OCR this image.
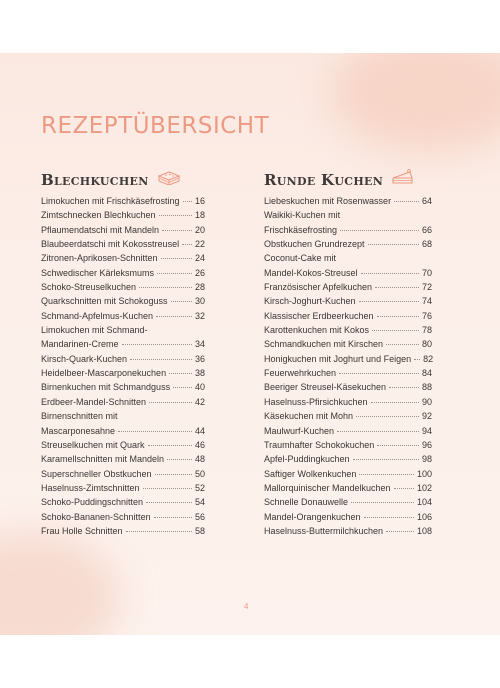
REZEPTÜBERSICHT
Blechkuchen	Runde Kuchen
Limokuchen mit Frischkäsefrosting 16
Zimtschnecken Blechkuchen	18
Pflaumendatschi mit Mandeln	20
Blaubeerdatschi mit Kokosstreusel 22
Zitronen-Aprikosen-Schnitten	24
Schwedischer Kärleksmums	26
Schoko-Streuselkuchen	28
Quarkschnitten mit Schokoguss	30
Schmand-Apfelmus-Kuchen	32
Limokuchen mit Schmand-
Mandarinen-Creme	34
Kirsch-Quark-Kuchen	36
Heidelbeer-Mascarponekuchen	38
Birnenkuchen mit Schmandguss	40
Erdbeer-Mandel-Schnitten	42
Birnenschnitten mit
Mascarponesahne	44
Streuselkuchen mit Quark	46
Karamellschnitten mit Mandeln	48
Superschneller Obstkuchen	50
Haselnuss-Zimtschnitten	52
Schoko-Puddingschnitten	54
Schoko-Bananen-Schnitten	56
Frau Holle Schnitten	58
Liebeskuchen mit Rosenwasser	64
Waikiki-Kuchen mit
Frischkäsefrosting	66
Obstkuchen Grundrezept	68
Coconut-Cake mit
Mandel-Kokos-Streusel	70
Französischer Apfelkuchen	72
Kirsch-Joghurt-Kuchen	74
Klassischer Erdbeerkuchen	76
Karottenkuchen mit Kokos	78
Schmandkuchen mit Kirschen	80
Honigkuchen mit Joghurt und Feigen 82
Feuerwehrkuchen	84
Beeriger Streusel-Käsekuchen	88
Haselnuss-Pfirsichkuchen	90
Käsekuchen mit Mohn	92
Maulwurf-Kuchen	94
Traumhafter Schokokuchen	96
Apfel-Puddingkuchen	98
Saftiger Wolkenkuchen	100
Mallorquinischer Mandelkuchen	102
Schnelle Donauwelle	104
Mandel-Orangenkuchen	106
Haselnuss-Buttermilchkuchen	108
4
